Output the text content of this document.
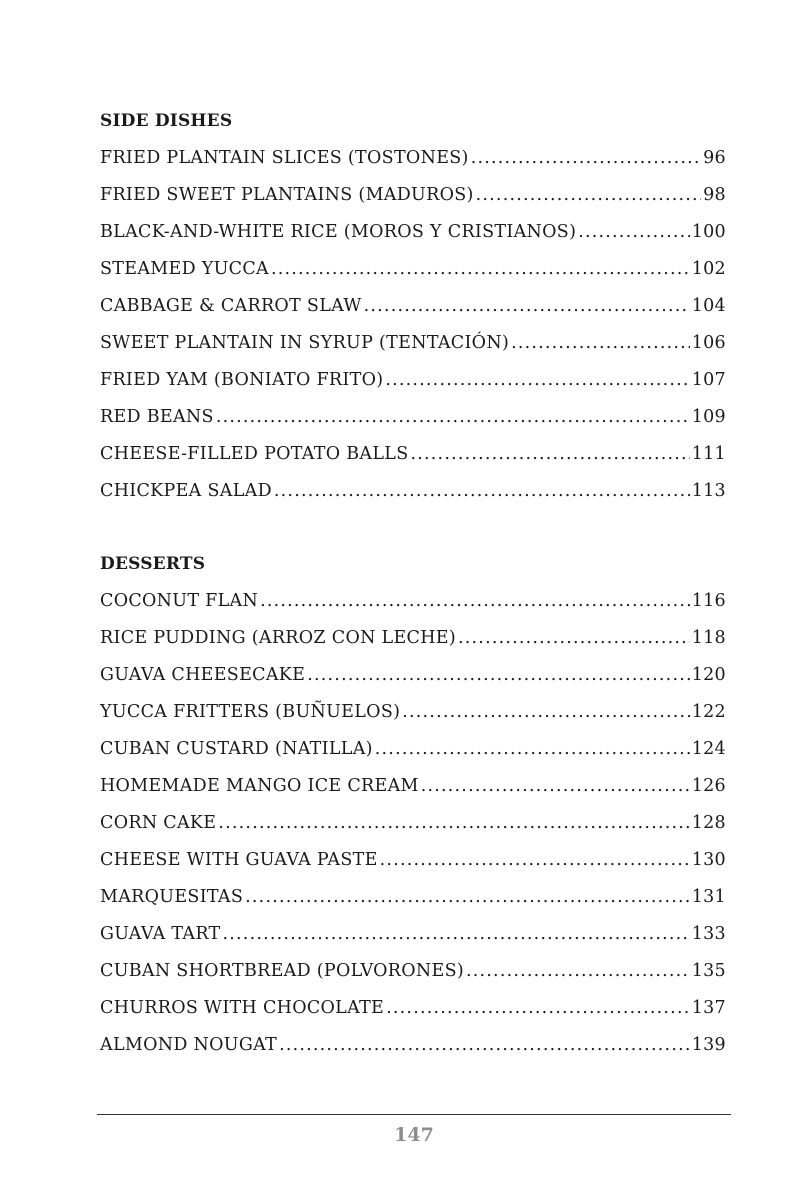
SIDE DISHES
FRIED PLANTAIN SLICES (TOSTONES) .....	96
FRIED SWEET PLANTAINS (MADUROS) .....	98
BLACK-AND-WHITE RICE (MOROS Y CRISTIANOS) .....	100
STEAMED YUCCA .....	102
CABBAGE & CARROT SLAW .....	104
SWEET PLANTAIN IN SYRUP (TENTACIÓN) .....	106
FRIED YAM (BONIATO FRITO) .....	107
RED BEANS .....	109
CHEESE-FILLED POTATO BALLS .....	111
CHICKPEA SALAD .....	113
DESSERTS
COCONUT FLAN .....	116
RICE PUDDING (ARROZ CON LECHE) .....	118
GUAVA CHEESECAKE .....	120
YUCCA FRITTERS (BUÑUELOS) .....	122
CUBAN CUSTARD (NATILLA) .....	124
HOMEMADE MANGO ICE CREAM .....	126
CORN CAKE .....	128
CHEESE WITH GUAVA PASTE .....	130
MARQUESITAS .....	131
GUAVA TART .....	133
CUBAN SHORTBREAD (POLVORONES) .....	135
CHURROS WITH CHOCOLATE .....	137
ALMOND NOUGAT .....	139
147
